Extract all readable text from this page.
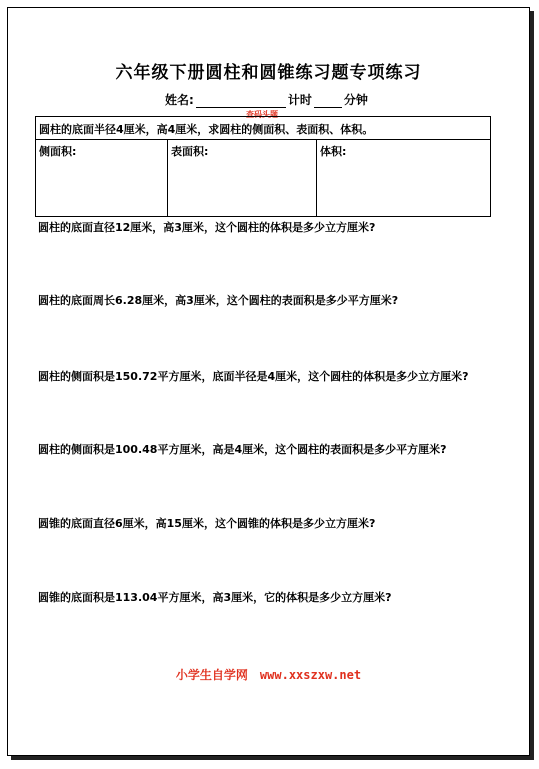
六年级下册圆柱和圆锥练习题专项练习
姓名:	计时	分钟
查码头题
圆柱的底面半径4厘米，高4厘米，求圆柱的侧面积、表面积、体积。
侧面积:	表面积:	体积:
圆柱的底面直径12厘米，高3厘米，这个圆柱的体积是多少立方厘米?
圆柱的底面周长6.28厘米，高3厘米，这个圆柱的表面积是多少平方厘米?
圆柱的侧面积是150.72平方厘米，底面半径是4厘米，这个圆柱的体积是多少立方厘米?
圆柱的侧面积是100.48平方厘米，高是4厘米，这个圆柱的表面积是多少平方厘米?
圆锥的底面直径6厘米，高15厘米，这个圆锥的体积是多少立方厘米?
圆锥的底面积是113.04平方厘米，高3厘米，它的体积是多少立方厘米?
小学生自学网 www.xxszxw.net
